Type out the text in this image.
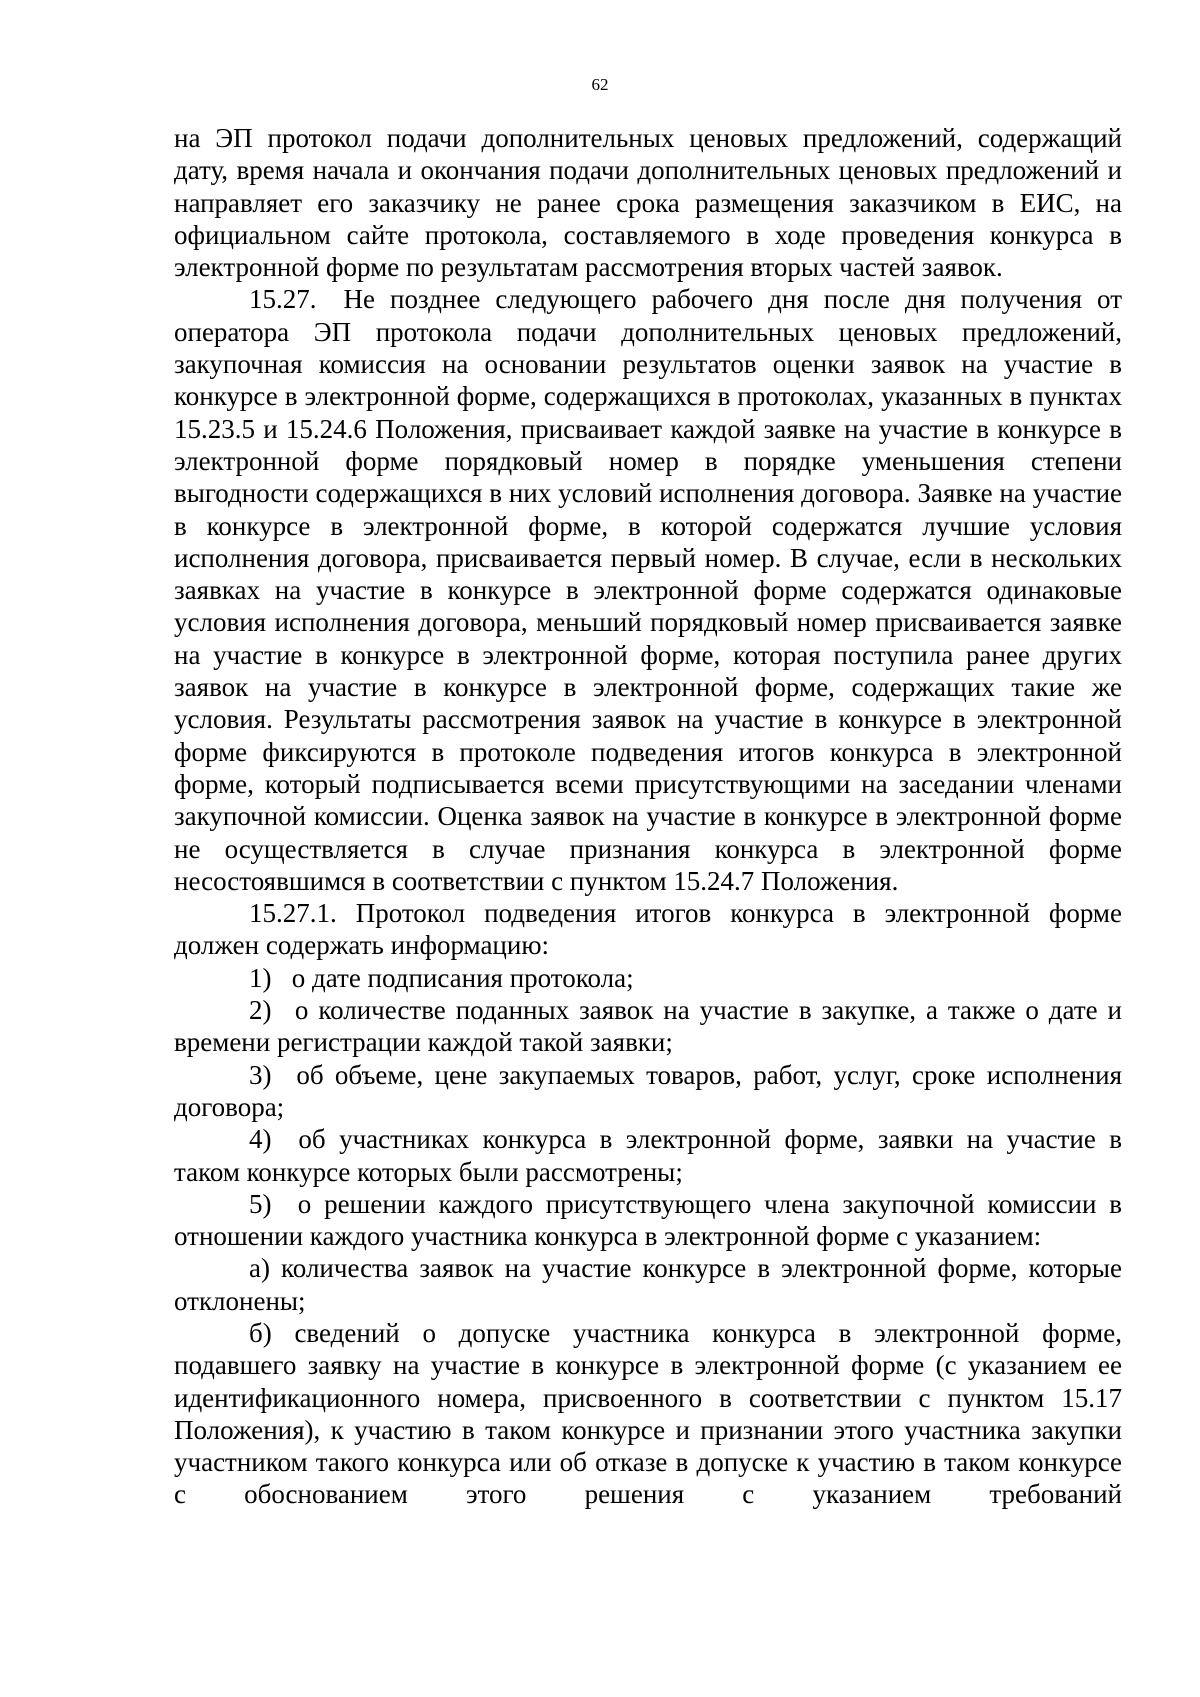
62

на ЭП протокол подачи дополнительных ценовых предложений, содержащий дату, время начала и окончания подачи дополнительных ценовых предложений и направляет его заказчику не ранее срока размещения заказчиком в ЕИС, на официальном сайте протокола, составляемого в ходе проведения конкурса в электронной форме по результатам рассмотрения вторых частей заявок.

15.27. Не позднее следующего рабочего дня после дня получения от оператора ЭП протокола подачи дополнительных ценовых предложений, закупочная комиссия на основании результатов оценки заявок на участие в конкурсе в электронной форме, содержащихся в протоколах, указанных в пунктах 15.23.5 и 15.24.6 Положения, присваивает каждой заявке на участие в конкурсе в электронной форме порядковый номер в порядке уменьшения степени выгодности содержащихся в них условий исполнения договора. Заявке на участие в конкурсе в электронной форме, в которой содержатся лучшие условия исполнения договора, присваивается первый номер. В случае, если в нескольких заявках на участие в конкурсе в электронной форме содержатся одинаковые условия исполнения договора, меньший порядковый номер присваивается заявке на участие в конкурсе в электронной форме, которая поступила ранее других заявок на участие в конкурсе в электронной форме, содержащих такие же условия. Результаты рассмотрения заявок на участие в конкурсе в электронной форме фиксируются в протоколе подведения итогов конкурса в электронной форме, который подписывается всеми присутствующими на заседании членами закупочной комиссии. Оценка заявок на участие в конкурсе в электронной форме не осуществляется в случае признания конкурса в электронной форме несостоявшимся в соответствии с пунктом 15.24.7 Положения.

15.27.1. Протокол подведения итогов конкурса в электронной форме должен содержать информацию:

1)  о дате подписания протокола;

2)  о количестве поданных заявок на участие в закупке, а также о дате и времени регистрации каждой такой заявки;

3)  об объеме, цене закупаемых товаров, работ, услуг, сроке исполнения договора;

4)  об участниках конкурса в электронной форме, заявки на участие в таком конкурсе которых были рассмотрены;

5)  о решении каждого присутствующего члена закупочной комиссии в отношении каждого участника конкурса в электронной форме с указанием:

а) количества заявок на участие конкурсе в электронной форме, которые отклонены;

б) сведений о допуске участника конкурса в электронной форме, подавшего заявку на участие в конкурсе в электронной форме (с указанием ее идентификационного номера, присвоенного в соответствии с пунктом 15.17 Положения), к участию в таком конкурсе и признании этого участника закупки участником такого конкурса или об отказе в допуске к участию в таком конкурсе с обоснованием этого решения с указанием требований
